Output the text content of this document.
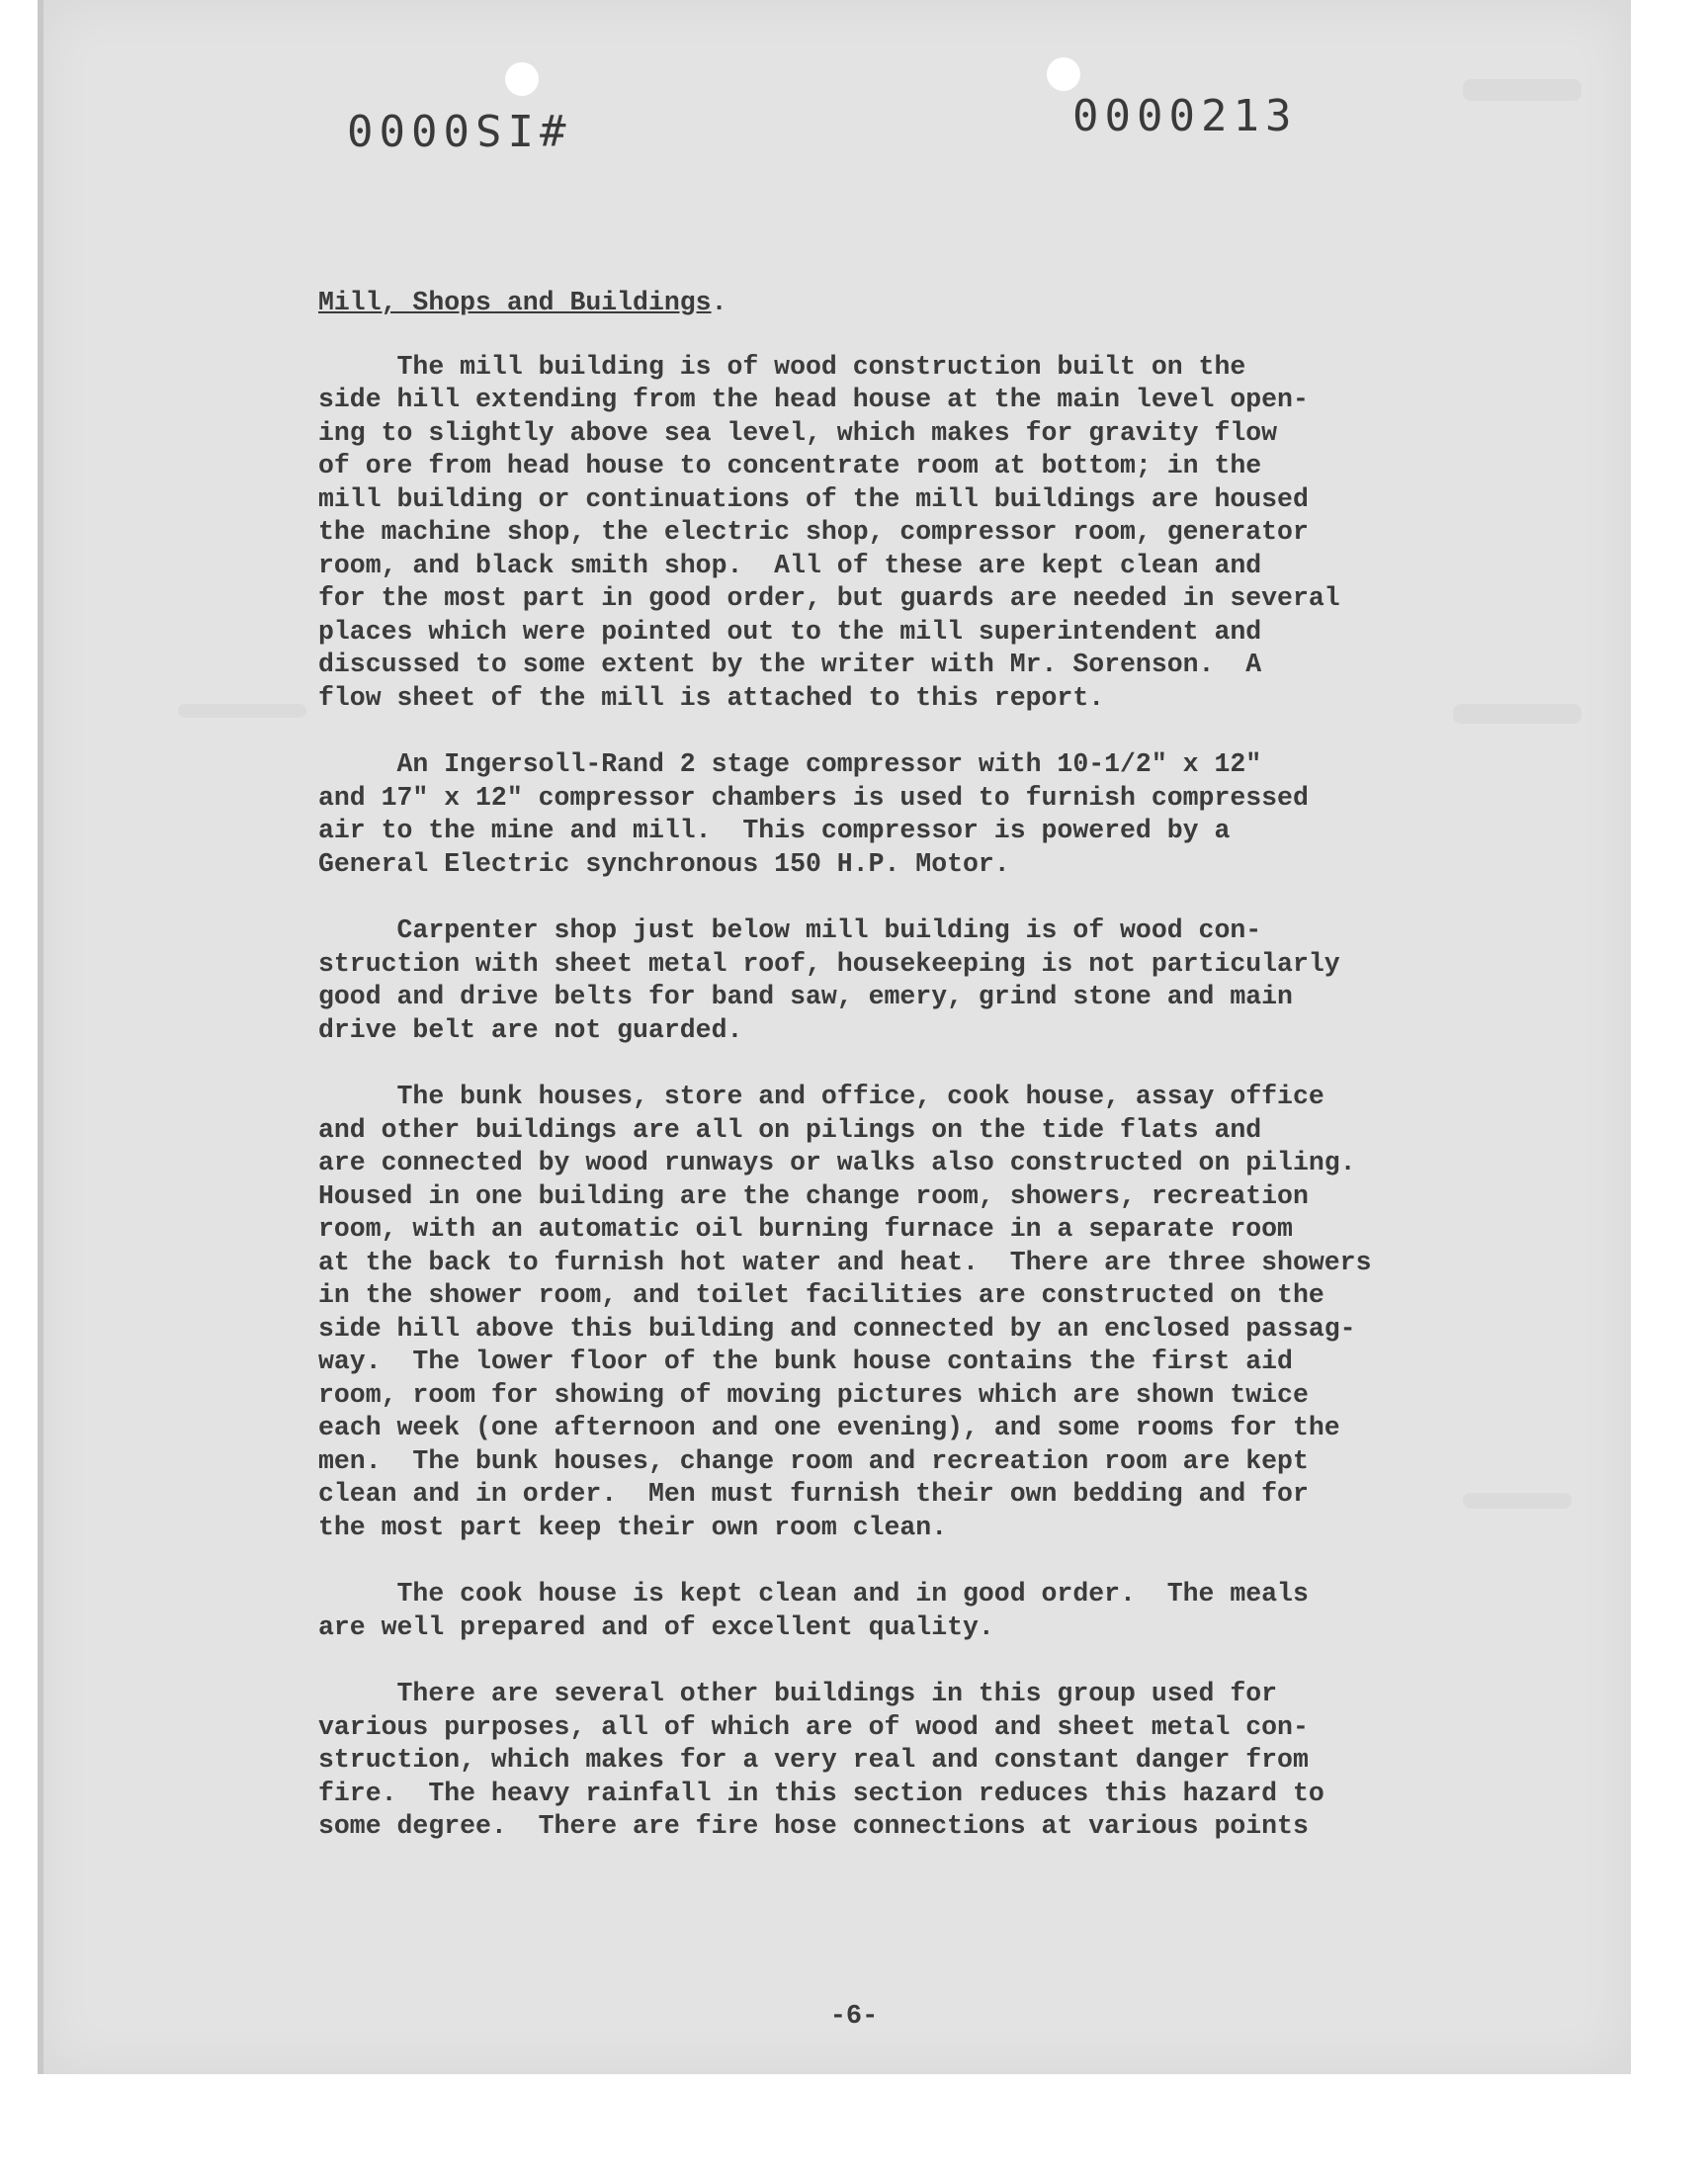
#IS0000	0000213
Mill, Shops and Buildings.
The mill building is of wood construction built on the
side hill extending from the head house at the main level open-
ing to slightly above sea level, which makes for gravity flow
of ore from head house to concentrate room at bottom; in the
mill building or continuations of the mill buildings are housed
the machine shop, the electric shop, compressor room, generator
room, and black smith shop.  All of these are kept clean and
for the most part in good order, but guards are needed in several
places which were pointed out to the mill superintendent and
discussed to some extent by the writer with Mr. Sorenson.  A
flow sheet of the mill is attached to this report.
An Ingersoll-Rand 2 stage compressor with 10-1/2" x 12"
and 17" x 12" compressor chambers is used to furnish compressed
air to the mine and mill.  This compressor is powered by a
General Electric synchronous 150 H.P. Motor.
Carpenter shop just below mill building is of wood con-
struction with sheet metal roof, housekeeping is not particularly
good and drive belts for band saw, emery, grind stone and main
drive belt are not guarded.
The bunk houses, store and office, cook house, assay office
and other buildings are all on pilings on the tide flats and
are connected by wood runways or walks also constructed on piling.
Housed in one building are the change room, showers, recreation
room, with an automatic oil burning furnace in a separate room
at the back to furnish hot water and heat.  There are three showers
in the shower room, and toilet facilities are constructed on the
side hill above this building and connected by an enclosed passag-
way.  The lower floor of the bunk house contains the first aid
room, room for showing of moving pictures which are shown twice
each week (one afternoon and one evening), and some rooms for the
men.  The bunk houses, change room and recreation room are kept
clean and in order.  Men must furnish their own bedding and for
the most part keep their own room clean.
The cook house is kept clean and in good order.  The meals
are well prepared and of excellent quality.
There are several other buildings in this group used for
various purposes, all of which are of wood and sheet metal con-
struction, which makes for a very real and constant danger from
fire.  The heavy rainfall in this section reduces this hazard to
some degree.  There are fire hose connections at various points
-6-
